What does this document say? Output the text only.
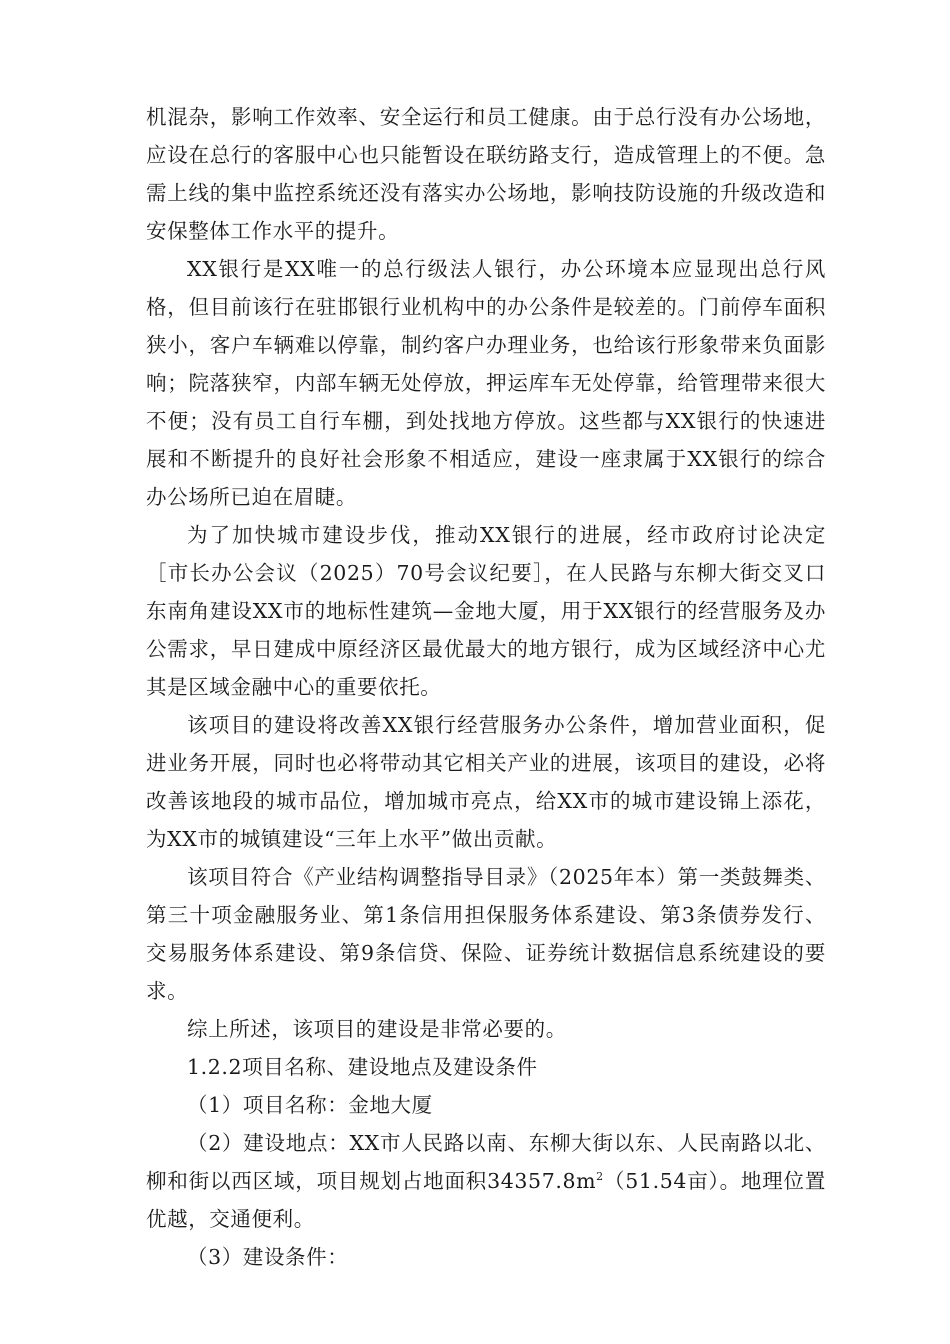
机混杂，影响工作效率、安全运行和员工健康。由于总行没有办公场地，应设在总行的客服中心也只能暂设在联纺路支行，造成管理上的不便。急需上线的集中监控系统还没有落实办公场地，影响技防设施的升级改造和安保整体工作水平的提升。

XX银行是XX唯一的总行级法人银行，办公环境本应显现出总行风格，但目前该行在驻邯银行业机构中的办公条件是较差的。门前停车面积狭小，客户车辆难以停靠，制约客户办理业务，也给该行形象带来负面影响；院落狭窄，内部车辆无处停放，押运库车无处停靠，给管理带来很大不便；没有员工自行车棚，到处找地方停放。这些都与XX银行的快速进展和不断提升的良好社会形象不相适应，建设一座隶属于XX银行的综合办公场所已迫在眉睫。

为了加快城市建设步伐，推动XX银行的进展，经市政府讨论决定［市长办公会议（2025）70号会议纪要］，在人民路与东柳大街交叉口东南角建设XX市的地标性建筑—金地大厦，用于XX银行的经营服务及办公需求，早日建成中原经济区最优最大的地方银行，成为区域经济中心尤其是区域金融中心的重要依托。

该项目的建设将改善XX银行经营服务办公条件，增加营业面积，促进业务开展，同时也必将带动其它相关产业的进展，该项目的建设，必将改善该地段的城市品位，增加城市亮点，给XX市的城市建设锦上添花，为XX市的城镇建设“三年上水平”做出贡献。

该项目符合《产业结构调整指导目录》（2025年本）第一类鼓舞类、第三十项金融服务业、第1条信用担保服务体系建设、第3条债券发行、交易服务体系建设、第9条信贷、保险、证券统计数据信息系统建设的要求。

综上所述，该项目的建设是非常必要的。

1.2.2项目名称、建设地点及建设条件

（1）项目名称：金地大厦

（2）建设地点：XX市人民路以南、东柳大街以东、人民南路以北、柳和街以西区域，项目规划占地面积$34357.8m^2(51.54$亩）。地理位置优越，交通便利。

（3）建设条件：
